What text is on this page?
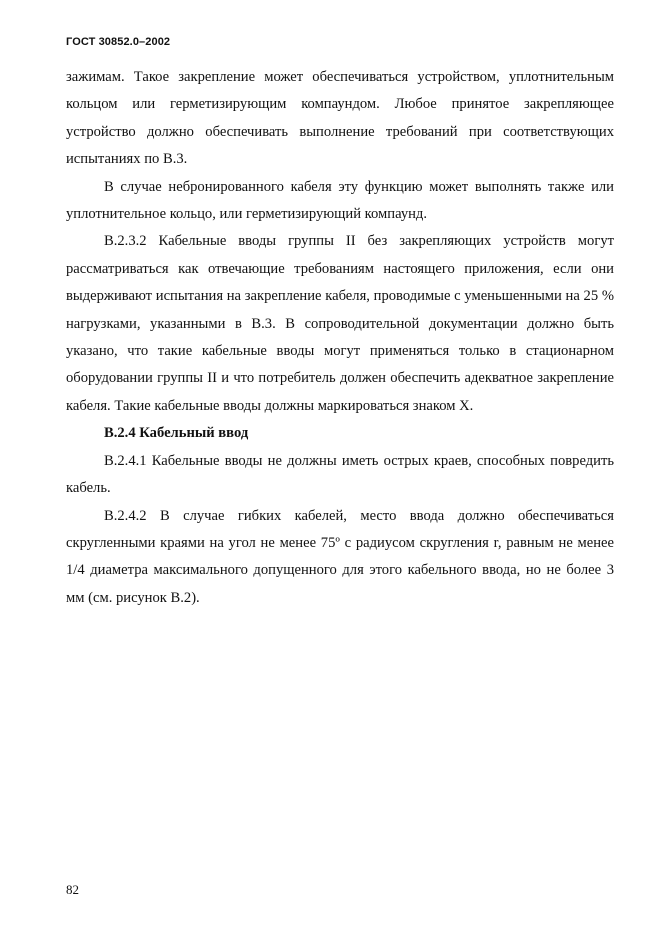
ГОСТ 30852.0–2002

зажимам. Такое закрепление может обеспечиваться устройством, уплотнительным кольцом или герметизирующим компаундом. Любое принятое закрепляющее устройство должно обеспечивать выполнение требований при соответствующих испытаниях по В.3.

В случае небронированного кабеля эту функцию может выполнять также или уплотнительное кольцо, или герметизирующий компаунд.

В.2.3.2 Кабельные вводы группы II без закрепляющих устройств могут рассматриваться как отвечающие требованиям настоящего приложения, если они выдерживают испытания на закрепление кабеля, проводимые с уменьшенными на 25 % нагрузками, указанными в В.3. В сопроводительной документации должно быть указано, что такие кабельные вводы могут применяться только в стационарном оборудовании группы II и что потребитель должен обеспечить адекватное закрепление кабеля. Такие кабельные вводы должны маркироваться знаком X.

В.2.4 Кабельный ввод

В.2.4.1 Кабельные вводы не должны иметь острых краев, способных повредить кабель.

В.2.4.2 В случае гибких кабелей, место ввода должно обеспечиваться скругленными краями на угол не менее 75º с радиусом скругления r, равным не менее 1/4 диаметра максимального допущенного для этого кабельного ввода, но не более 3 мм (см. рисунок В.2).

82
